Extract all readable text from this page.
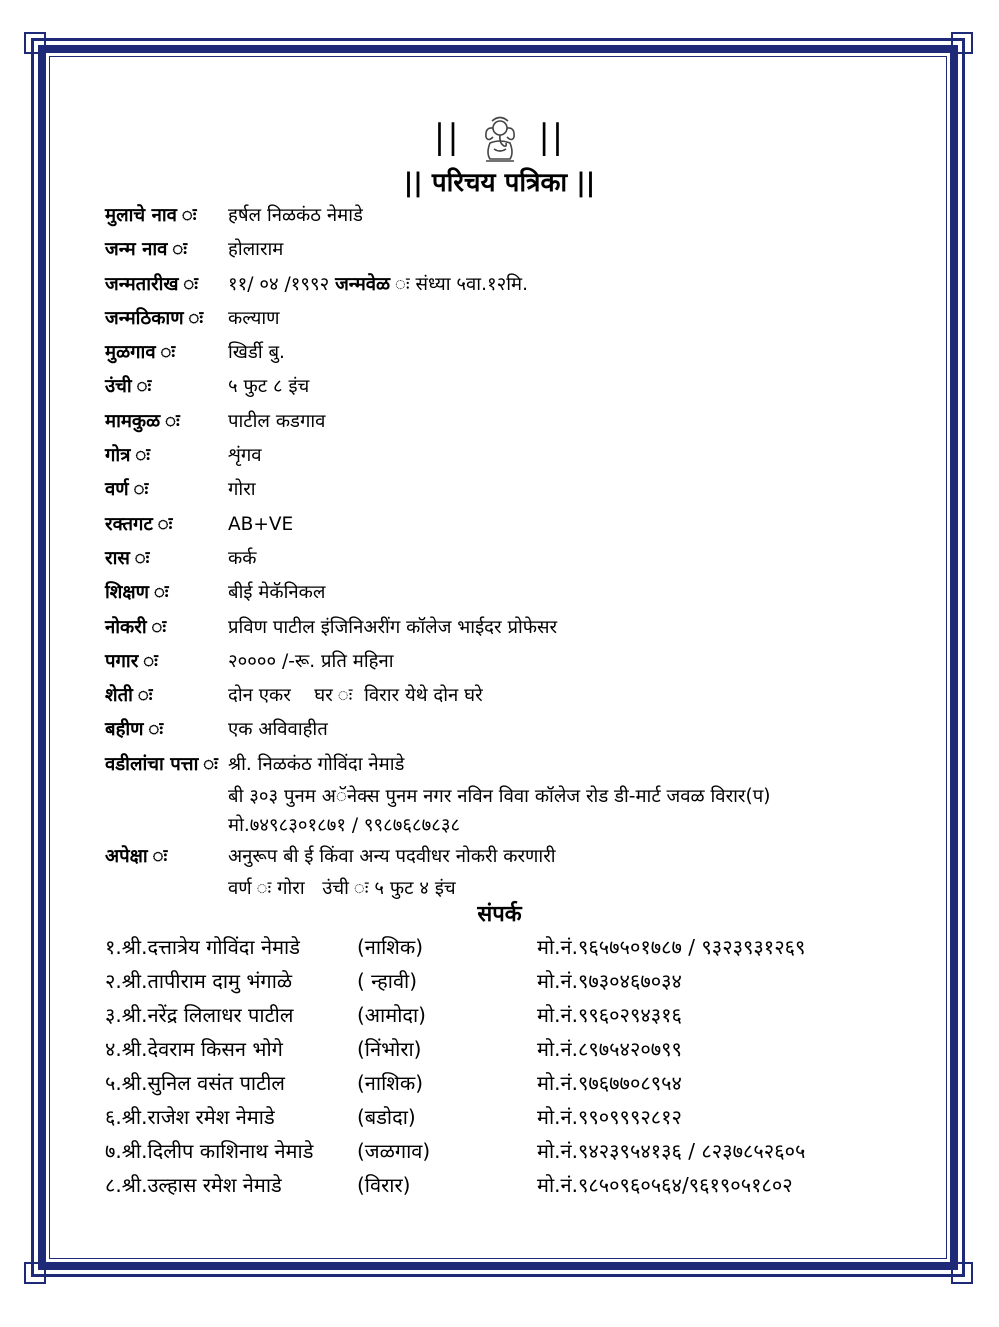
|| ||
|| परिचय पत्रिका ||
मुलाचे नाव ः हर्षल निळकंठ नेमाडे
जन्म नाव ः होलाराम
जन्मतारीख ः ११/ ०४ /१९९२ जन्मवेळ ः संध्या ५वा.१२मि.
जन्मठिकाण ः कल्याण
मुळगाव ः	खिर्डी बु.
उंची ः	५ फुट ८ इंच
मामकुळ ः	पाटील कडगाव
गोत्र ः	शृंगव
वर्ण ः	गोरा
रक्तगट ः	AB+VE
रास ः	कर्क
शिक्षण ः	बीई मेकॅनिकल
नोकरी ः	प्रविण पाटील इंजिनिअरींग कॉलेज भाईदर प्रोफेसर
पगार ः	२०००० /-रू. प्रति महिना
शेती ः	दोन एकर    घर ः  विरार येथे दोन घरे
बहीण ः	एक अविवाहीत
वडीलांचा पत्ता ः श्री. निळकंठ गोविंदा नेमाडे
बी ३०३ पुनम अॅनेक्स पुनम नगर नविन विवा कॉलेज रोड डी-मार्ट जवळ विरार(प)
मो.७४९८३०१८७१ / ९९८७६८७८३८
अपेक्षा ः	अनुरूप बी ई किंवा अन्य पदवीधर नोकरी करणारी
वर्ण ः गोरा   उंची ः ५ फुट ४ इंच
संपर्क
१.श्री.दत्तात्रेय गोविंदा नेमाडे	(नाशिक)	मो.नं.९६५७५०१७८७ / ९३२३९३१२६९
२.श्री.तापीराम दामु भंगाळे	( न्हावी)	मो.नं.९७३०४६७०३४
३.श्री.नरेंद्र लिलाधर पाटील	(आमोदा)	मो.नं.९९६०२९४३१६
४.श्री.देवराम किसन भोगे	(निंभोरा)	मो.नं.८९७५४२०७९९
५.श्री.सुनिल वसंत पाटील	(नाशिक)	मो.नं.९७६७७०८९५४
६.श्री.राजेश रमेश नेमाडे	(बडोदा)	मो.नं.९९०९९९२८१२
७.श्री.दिलीप काशिनाथ नेमाडे (जळगाव)	मो.नं.९४२३९५४१३६ / ८२३७८५२६०५
८.श्री.उल्हास रमेश नेमाडे	(विरार)	मो.नं.९८५०९६०५६४/९६१९०५१८०२
